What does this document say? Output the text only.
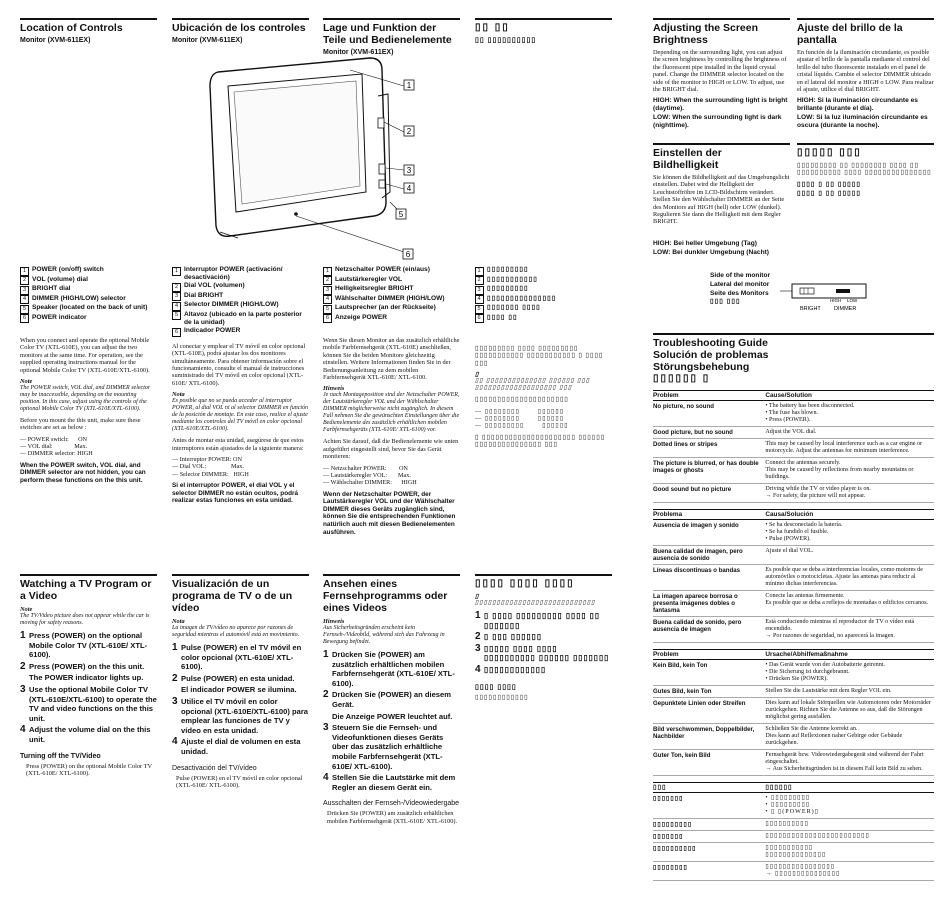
Location of Controls
Monitor (XVM-611EX)
1 POWER (on/off) switch
2 VOL (volume) dial
3 BRIGHT dial
4 DIMMER (HIGH/LOW) selector
5 Speaker (located on the back of unit)
6 POWER indicator

When you connect and operate the optional Mobile Color TV (XTL-610E), you can adjust the two monitors at the same time. For operation, see the supplied operating instructions manual for the optional Mobile Color TV (XTL-610E/XTL-6100).

Note

The POWER switch, VOL dial, and DIMMER selector may be inaccessible, depending on the mounting position. In this case, adjust using the controls of the optional Mobile Color TV (XTL-610E/XTL-6100).

Before you mount the this unit, make sure these switches are set as below :

— POWER switch:      ON
— VOL dial:              Max.
— DIMMER selector: HIGH

When the POWER switch, VOL dial, and DIMMER selector are not hidden, you can perform these functions on the this unit.

Ubicación de los controles
Monitor (XVM-611EX)
1 Interruptor POWER (activación/ desactivación)
2 Dial VOL (volumen)
3 Dial BRIGHT
4 Selector DIMMER (HIGH/LOW)
5 Altavoz (ubicado en la parte posterior de la unidad)
6 Indicador POWER

Al conectar y emplear el TV móvil en color opcional (XTL-610E), podrá ajustar los dos monitores simultáneamente. Para obtener información sobre el funcionamiento, consulte el manual de instrucciones suministrado del TV móvil en color opcional (XTL-610E/ XTL-6100).

Nota

Es posible que no se pueda acceder al interruptor POWER, al dial VOL ni al selector DIMMER en función de la posición de montaje. En este caso, realice el ajuste mediante los controles del TV móvil en color opcional (XTL-610E/XTL-6100).

Antes de montar esta unidad, asegúrese de que estos interruptores están ajustados de la siguiente manera:

— Interruptor POWER: ON
— Dial VOL:                Max.
— Selector DIMMER:   HIGH

Si el interruptor POWER, el dial VOL y el selector DIMMER no están ocultos, podrá realizar estas funciones en esta unidad.

Lage und Funktion der Teile und Bedienelemente
Monitor (XVM-611EX)
1
2
3
4
5
6
1 Netzschalter POWER (ein/aus)
2 Lautstärkeregler VOL
3 Helligkeitsregler BRIGHT
4 Wählschalter DIMMER (HIGH/LOW)
5 Lautsprecher (an der Rückseite)
6 Anzeige POWER

Wenn Sie diesen Monitor an das zusätzlich erhältliche mobile Farbfernsehgerät (XTL-610E) anschließen, können Sie die beiden Monitore gleichzeitig einstellen. Weitere Informationen finden Sie in der Bedienungsanleitung zu dem mobilen Farbfernsehgerät XTL-610E/ XTL-6100.

Hinweis

Je nach Montageposition sind der Netzschalter POWER, der Lautstärkeregler VOL und der Wählschalter DIMMER möglicherweise nicht zugänglich. In diesem Fall nehmen Sie die gewünschten Einstellungen über die Bedienelemente des zusätzlich erhältlichen mobilen Farbfernsehgeräts (XTL-610E/ XTL-6100) vor.

Achten Sie darauf, daß die Bedienelemente wie unten aufgeführt eingestellt sind, bevor Sie das Gerät montieren:

— Netzschalter POWER:        ON
— Lautstärkeregler VOL:       Max.
— Wählschalter DIMMER:      HIGH

Wenn der Netzschalter POWER, der Lautstärkeregler VOL und der Wählschalter DIMMER dieses Geräts zugänglich sind, können Sie die entsprechenden Funktionen natürlich auch mit diesen Bedienelementen ausführen.

▯▯ ▯▯
▯▯ ▯▯▯▯▯▯▯▯▯▯
1 ▯▯▯▯▯▯▯▯▯
2 ▯▯▯▯▯▯▯▯▯▯▯
3 ▯▯▯▯▯▯▯▯▯
4 ▯▯▯▯▯▯▯▯▯▯▯▯▯▯▯
5 ▯▯▯▯▯▯▯ ▯▯▯▯
6 ▯▯▯▯ ▯▯

▯▯▯▯▯▯▯▯▯ ▯▯▯▯ ▯▯▯▯▯▯▯▯▯ ▯▯▯▯▯▯▯▯▯▯▯ ▯▯▯▯▯▯▯▯▯▯▯ ▯ ▯▯▯▯ ▯▯▯

▯

▯▯ ▯▯▯▯▯▯▯▯▯▯▯▯▯▯ ▯▯▯▯▯▯ ▯▯▯ ▯▯▯▯▯▯▯▯▯▯▯▯▯▯▯▯▯▯▯ ▯▯▯

▯▯▯▯▯▯▯▯▯▯▯▯▯▯▯▯▯▯▯▯▯

— ▯▯▯▯▯▯▯▯       ▯▯▯▯▯▯
— ▯▯▯▯▯▯▯▯       ▯▯▯▯▯▯
— ▯▯▯▯▯▯▯▯▯       ▯▯▯▯▯▯

▯ ▯▯▯▯▯▯▯▯▯▯▯▯▯▯▯▯▯▯▯▯▯ ▯▯▯▯▯▯ ▯▯▯▯▯▯▯▯▯▯▯▯▯▯▯ ▯▯▯

Watching a TV Program or a Video
Note

The TV/Video picture does not appear while the car is moving for safety reasons.

1 Press (POWER) on the optional Mobile Color TV (XTL-610E/ XTL-6100).
2 Press (POWER) on the this unit.
The POWER indicator lights up.
3 Use the optional Mobile Color TV (XTL-610E/XTL-6100) to operate the TV and video functions on the this unit.
4 Adjust the volume dial on the this unit.
Turning off the TV/Video

Press (POWER) on the optional Mobile Color TV (XTL-610E/ XTL-6100).

Visualización de un programa de TV o de un vídeo
Nota

La imagen de TV/vídeo no aparece por razones de seguridad mientras el automóvil está en movimiento.

1 Pulse (POWER) en el TV móvil en color opcional (XTL-610E/ XTL-6100).
2 Pulse (POWER) en esta unidad.
El indicador POWER se ilumina.
3 Utilice el TV móvil en color opcional (XTL-610E/XTL-6100) para emplear las funciones de TV y vídeo en esta unidad.
4 Ajuste el dial de volumen en esta unidad.
Desactivación del TV/vídeo

Pulse (POWER) en el TV móvil en color opcional (XTL-610E/ XTL-6100).

Ansehen eines Fernsehprogramms oder eines Videos
Hinweis

Aus Sicherheitsgründen erscheint kein Fernseh-/Videobild, während sich das Fahrzeug in Bewegung befindet.

1 Drücken Sie (POWER) am zusätzlich erhältlichen mobilen Farbfernsehgerät (XTL-610E/ XTL-6100).
2 Drücken Sie (POWER) an diesem Gerät.
Die Anzeige POWER leuchtet auf.
3 Steuern Sie die Fernseh- und Videofunktionen dieses Geräts über das zusätzlich erhältliche mobile Farbfernsehgerät (XTL-610E/ XTL-6100).
4 Stellen Sie die Lautstärke mit dem Regler an diesem Gerät ein.
Ausschalten der Fernseh-/Videowiedergabe

Drücken Sie (POWER) am zusätzlich erhältlichen mobilen Farbfernsehgerät (XTL-610E/ XTL-6100).

▯▯▯▯ ▯▯▯▯ ▯▯▯▯
▯

▯▯▯▯▯▯▯▯▯▯▯▯▯▯▯▯▯▯▯▯▯▯▯▯▯▯▯▯

1 ▯ ▯▯▯▯ ▯▯▯▯▯▯▯▯▯ ▯▯▯▯ ▯▯ ▯▯▯▯▯▯▯
2 ▯ ▯▯▯ ▯▯▯▯▯▯
3 ▯▯▯▯▯ ▯▯▯▯ ▯▯▯▯ ▯▯▯▯▯▯▯▯▯▯ ▯▯▯▯▯▯ ▯▯▯▯▯▯▯
4 ▯▯▯▯▯▯▯▯▯▯▯▯
▯▯▯▯ ▯▯▯▯

▯▯▯▯▯▯▯▯▯▯▯▯

Adjusting the Screen Brightness

Depending on the surrounding light, you can adjust the screen brightness by controlling the brightness of the fluorescent pipe installed in the liquid crystal panel. Change the DIMMER selector located on the side of the monitor to HIGH or LOW. To adjust, use the BRIGHT dial.

HIGH: When the surrounding light is bright (daytime).

LOW: When the surrounding light is dark (nighttime).

Ajuste del brillo de la pantalla

En función de la iluminación circundante, es posible ajustar el brillo de la pantalla mediante el control del brillo del tubo fluorescente instalado en el panel de cristal líquido. Cambie el selector DIMMER ubicado en el lateral del monitor a HIGH o LOW. Para realizar el ajuste, utilice el dial BRIGHT.

HIGH: Si la iluminación circundante es brillante (durante el día).

LOW: Si la luz iluminación circundante es oscura (durante la noche).

Einstellen der Bildhelligkeit

Sie können die Bildhelligkeit auf das Umgebungslicht einstellen. Dabei wird die Helligkeit der Leuchtstoffröhre im LCD-Bildschirm verändert. Stellen Sie den Wählschalter DIMMER an der Seite des Monitors auf HIGH (hell) oder LOW (dunkel). Regulieren Sie dann die Helligkeit mit dem Regler BRIGHT.

HIGH: Bei heller Umgebung (Tag)

LOW: Bei dunkler Umgebung (Nacht)

▯▯▯▯▯ ▯▯▯

▯▯▯▯▯▯▯▯▯ ▯▯ ▯▯▯▯▯▯▯▯ ▯▯▯▯ ▯▯ ▯▯▯▯▯▯▯▯▯▯ ▯▯▯▯ ▯▯▯▯▯▯▯▯▯▯▯▯▯▯▯

▯▯▯▯ ▯ ▯▯ ▯▯▯▯▯

▯▯▯▯ ▯ ▯▯ ▯▯▯▯▯

Side of the monitor
Lateral del monitor
Seite des Monitors
▯▯▯ ▯▯▯	HIGH LOW
BRIGHT DIMMER
Troubleshooting Guide
Solución de problemas
Störungsbehebung
▯▯▯▯▯▯ ▯
Problem	Cause/Solution
No picture, no sound	• The battery has been disconnected.
• The fuse has blown.
• Press (POWER).
Good picture, but no sound	Adjust the VOL dial.
Dotted lines or stripes	This may be caused by local interference such as a car engine or motorcycle. Adjust the antennas for minimum interference.
The picture is blurred, or has double images or ghosts	Connect the antennas securely.
This may be caused by reflections from nearby mountains or buildings.
Good sound but no picture	Driving while the TV or video player is on.
→ For safety, the picture will not appear.
Problema	Causa/Solución
Ausencia de imagen y sonido	• Se ha desconectado la batería.
• Se ha fundido el fusible.
• Pulse (POWER).
Buena calidad de imagen, pero ausencia de sonido	Ajuste el dial VOL.
Líneas discontinuas o bandas	Es posible que se deba a interferencias locales, como motores de automóviles o motocicletas. Ajuste las antenas para reducir al mínimo dichas interferencias.
La imagen aparece borrosa o presenta imágenes dobles o fantasma	Conecte las antenas firmemente.
Es posible que se deba a reflejos de montañas o edificios cercanos.
Buena calidad de sonido, pero ausencia de imagen	Está conduciendo mientras el reproductor de TV o vídeo está encendido.
→ Por razones de seguridad, no aparecerá la imagen.
Problem	Ursache/Abhilfemaßnahme
Kein Bild, kein Ton	• Das Gerät wurde von der Autobatterie getrennt.
• Die Sicherung ist durchgebrannt.
• Drücken Sie (POWER).
Gutes Bild, kein Ton	Stellen Sie die Lautstärke mit dem Regler VOL ein.
Gepunktete Linien oder Streifen	Dies kann auf lokale Störquellen wie Automotoren oder Motorräder zurückgehen. Richten Sie die Antenne so aus, daß die Störungen möglichst gering ausfallen.
Bild verschwommen, Doppelbilder, Nachbilder	Schließen Sie die Antenne korrekt an.
Dies kann auf Reflexionen naher Gebirge oder Gebäude zurückgehen.
Guter Ton, kein Bild	Fernsehgerät bzw. Videowiedergabegerät sind während der Fahrt eingeschaltet.
→ Aus Sicherheitsgründen ist in diesem Fall kein Bild zu sehen.
▯▯▯	▯▯▯▯▯▯
▯▯▯▯▯▯▯	• ▯▯▯▯▯▯▯▯▯
• ▯▯▯▯▯▯▯▯▯
• ▯ ▯(POWER)▯
▯▯▯▯▯▯▯▯▯	▯▯▯▯▯▯▯▯▯▯
▯▯▯▯▯▯▯	▯▯▯▯▯▯▯▯▯▯▯▯▯▯▯▯▯▯▯▯▯▯▯▯
▯▯▯▯▯▯▯▯▯▯	▯▯▯▯▯▯▯▯▯▯▯
▯▯▯▯▯▯▯▯▯▯▯▯▯▯
▯▯▯▯▯▯▯▯	▯▯▯▯▯▯▯▯▯▯▯▯▯▯▯▯
→ ▯▯▯▯▯▯▯▯▯▯▯▯▯▯▯
